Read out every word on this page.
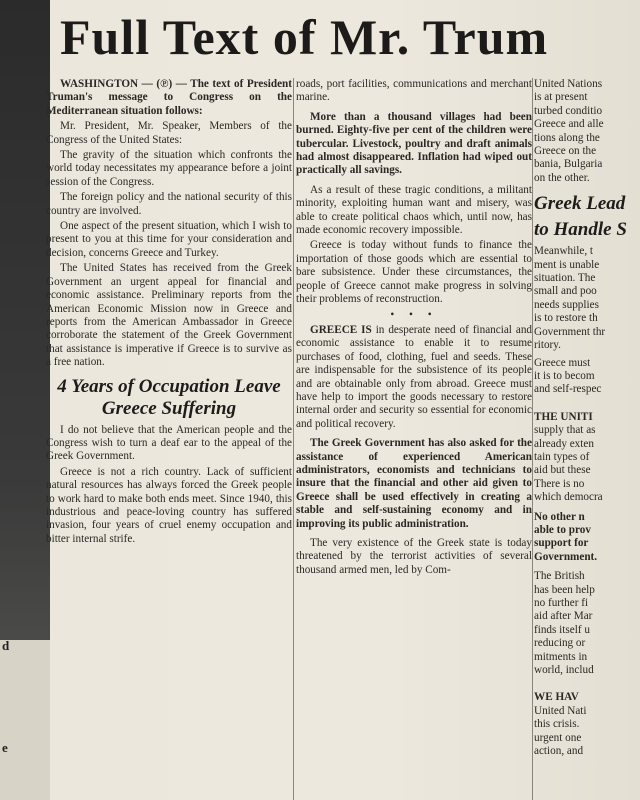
d
e
Full Text of Mr. Trum

WASHINGTON — (℗) — The text of President Truman's message to Congress on the Mediterranean situation follows:

Mr. President, Mr. Speaker, Members of the Congress of the United States:

The gravity of the situation which confronts the world today necessitates my appearance before a joint session of the Congress.

The foreign policy and the national security of this country are involved.

One aspect of the present situation, which I wish to present to you at this time for your consideration and decision, concerns Greece and Turkey.

The United States has received from the Greek Government an urgent appeal for financial and economic assistance. Preliminary reports from the American Economic Mission now in Greece and reports from the American Ambassador in Greece corroborate the statement of the Greek Government that assistance is imperative if Greece is to survive as a free nation.

4 Years of Occupation Leave Greece Suffering

I do not believe that the American people and the Congress wish to turn a deaf ear to the appeal of the Greek Government.

Greece is not a rich country. Lack of sufficient natural resources has always forced the Greek people to work hard to make both ends meet. Since 1940, this industrious and peace-loving country has suffered invasion, four years of cruel enemy occupation and bitter internal strife.

roads, port facilities, communications and merchant marine.

More than a thousand villages had been burned. Eighty-five per cent of the children were tubercular. Livestock, poultry and draft animals had almost disappeared. Inflation had wiped out practically all savings.

As a result of these tragic conditions, a militant minority, exploiting human want and misery, was able to create political chaos which, until now, has made economic recovery impossible.

Greece is today without funds to finance the importation of those goods which are essential to bare subsistence. Under these circumstances, the people of Greece cannot make progress in solving their problems of reconstruction.

• • •

GREECE IS in desperate need of financial and economic assistance to enable it to resume purchases of food, clothing, fuel and seeds. These are indispensable for the subsistence of its people and are obtainable only from abroad. Greece must have help to import the goods necessary to restore internal order and security so essential for economic and political recovery.

The Greek Government has also asked for the assistance of experienced American administrators, economists and technicians to insure that the financial and other aid given to Greece shall be used effectively in creating a stable and self-sustaining economy and in improving its public administration.

The very existence of the Greek state is today threatened by the terrorist activities of several thousand armed men, led by Com-

United Nations
is at present
turbed conditio
Greece and alle
tions along the
Greece on the
bania, Bulgaria
on the other.
Greek Lead
to Handle S
Meanwhile, t
ment is unable
situation. The
small and poo
needs supplies
is to restore th
Government thr
ritory.
Greece must
it is to becom
and self-respec
THE UNITI
supply that as
already exten
tain types of
aid but these
There is no
which democra
No other n
able to prov
support for
Government.
The British
has been help
no further fi
aid after Mar
finds itself u
reducing or
mitments in
world, includ
WE HAV
United Nati
this crisis.
urgent one
action, and
